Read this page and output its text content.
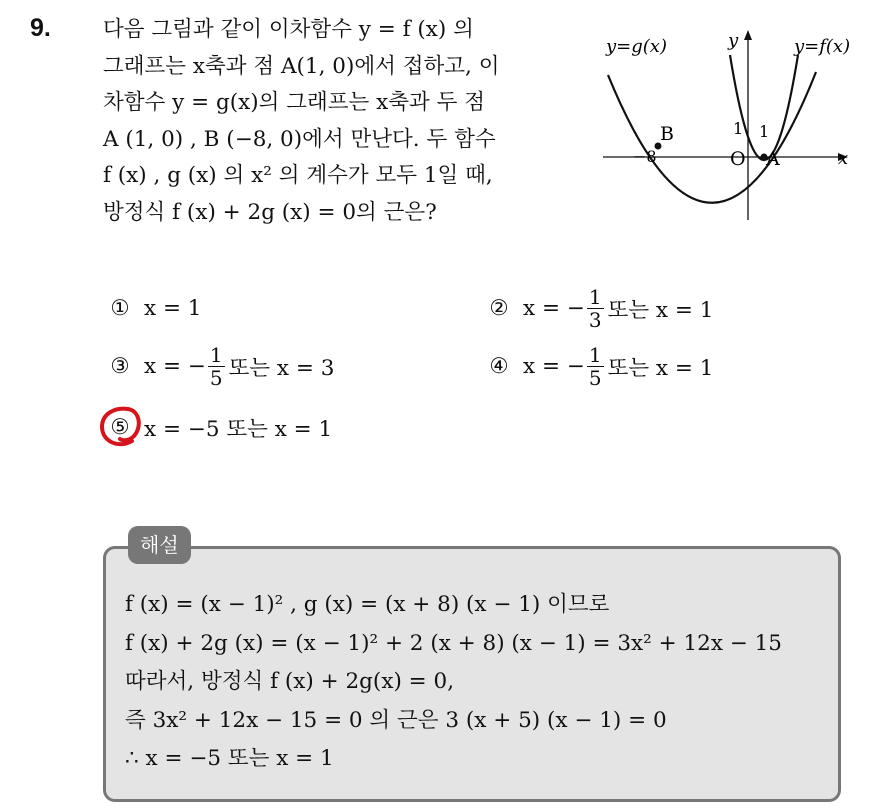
9. 다음 그림과 같이 이차함수 y = f (x) 의
그래프는 x축과 점 A(1, 0)에서 접하고, 이
차함수 y = g(x)의 그래프는 x축과 두 점
A (1, 0) , B (−8, 0)에서 만난다. 두 함수
f (x) , g (x) 의 x² 의 계수가 모두 1일 때,
방정식 f (x) + 2g (x) = 0의 근은?
y=g(x)	y=f(x)
y
x
B
A
O
−8
1 1
① x = 1	② x = − $\frac{1}{3}$ 또는 x = 1
③ x = − $\frac{1}{5}$ 또는 x = 3	④ x = − $\frac{1}{5}$ 또는 x = 1
⑤ x = −5 또는 x = 1
해설
f (x) = (x − 1)² , g (x) = (x + 8) (x − 1) 이므로
f (x) + 2g (x) = (x − 1)² + 2 (x + 8) (x − 1) = 3x² + 12x − 15
따라서, 방정식 f (x) + 2g(x) = 0,
즉 3x² + 12x − 15 = 0 의 근은 3 (x + 5) (x − 1) = 0
∴ x = −5 또는 x = 1
